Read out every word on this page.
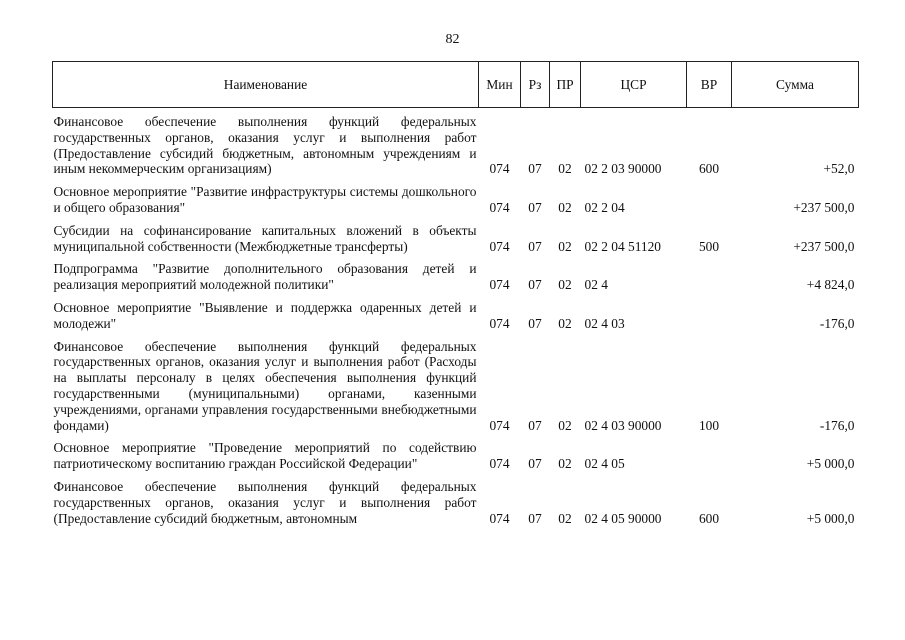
82
Наименование	Мин	Рз	ПР	ЦСР	ВР	Сумма
Финансовое обеспечение выполнения функций федеральных государственных органов, оказания услуг и выполнения работ (Предоставление субсидий бюджетным, автономным учреждениям и иным некоммерческим организациям)	074	07	02	02 2 03 90000	600	+52,0
Основное мероприятие "Развитие инфраструктуры системы дошкольного и общего образования"	074	07	02	02 2 04		+237 500,0
Субсидии на софинансирование капитальных вложений в объекты муниципальной собственности (Межбюджетные трансферты)	074	07	02	02 2 04 51120	500	+237 500,0
Подпрограмма "Развитие дополнительного образования детей и реализация мероприятий молодежной политики"	074	07	02	02 4		+4 824,0
Основное мероприятие "Выявление и поддержка одаренных детей и молодежи"	074	07	02	02 4 03		-176,0
Финансовое обеспечение выполнения функций федеральных государственных органов, оказания услуг и выполнения работ (Расходы на выплаты персоналу в целях обеспечения выполнения функций государственными (муниципальными) органами, казенными учреждениями, органами управления государственными внебюджетными фондами)	074	07	02	02 4 03 90000	100	-176,0
Основное мероприятие "Проведение мероприятий по содействию патриотическому воспитанию граждан Российской Федерации"	074	07	02	02 4 05		+5 000,0
Финансовое обеспечение выполнения функций федеральных государственных органов, оказания услуг и выполнения работ (Предоставление субсидий бюджетным, автономным	074	07	02	02 4 05 90000	600	+5 000,0
